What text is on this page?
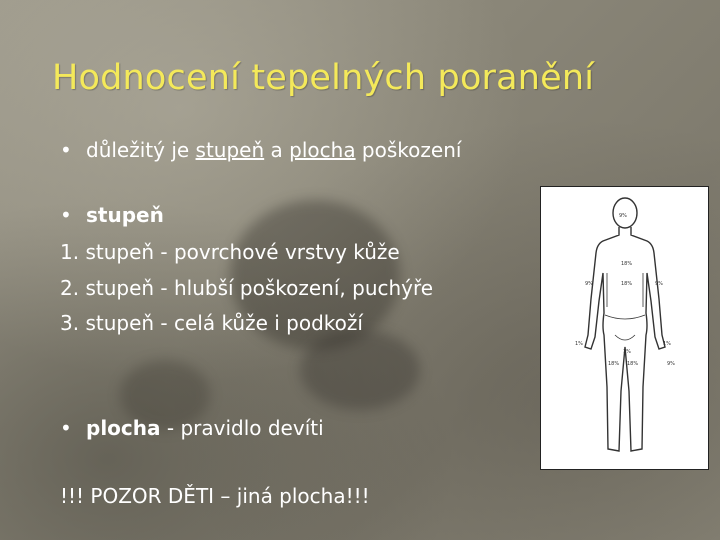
Hodnocení tepelných poranění
• důležitý je stupeň a plocha poškození
• stupeň
1. stupeň - povrchové vrstvy kůže
2. stupeň - hlubší poškození, puchýře
3. stupeň - celá kůže i podkoží
• plocha - pravidlo devíti
!!! POZOR DĚTI – jiná plocha!!!
9%
18%
9%	18%	9%
1%	1%
1%
18% 18%	9%
